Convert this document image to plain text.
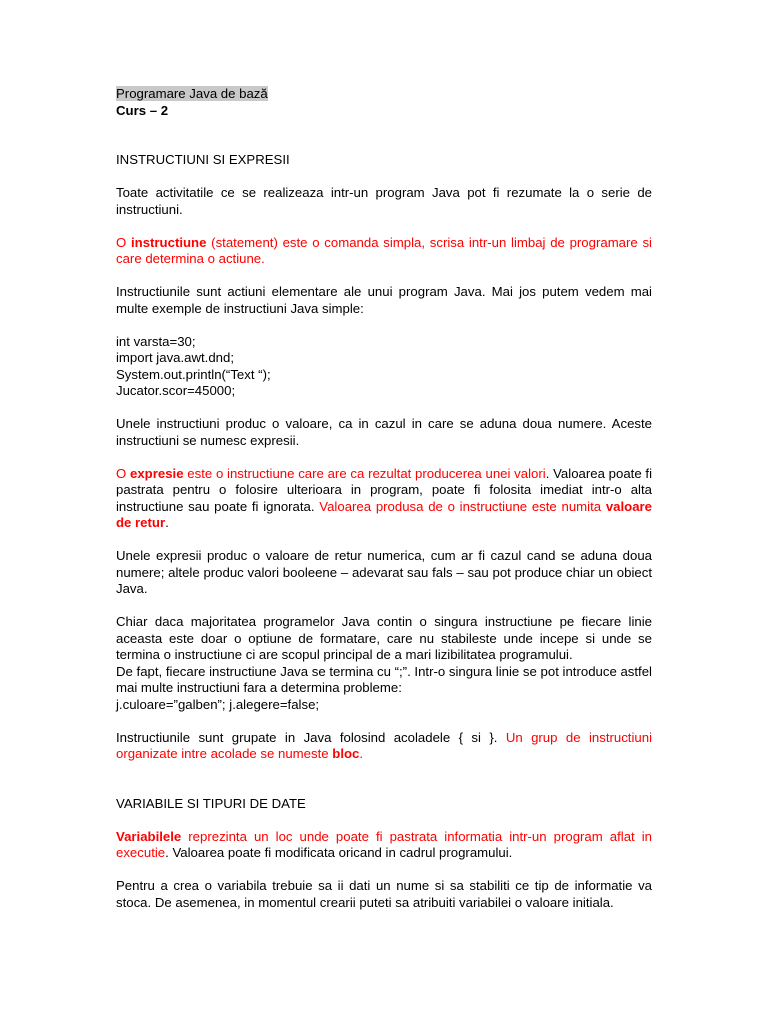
Programare Java de bază

Curs – 2

INSTRUCTIUNI SI EXPRESII

Toate activitatile ce se realizeaza intr-un program Java pot fi rezumate la o serie de instructiuni.

O instructiune (statement) este o comanda simpla, scrisa intr-un limbaj de programare si care determina o actiune.

Instructiunile sunt actiuni elementare ale unui program Java. Mai jos putem vedem mai multe exemple de instructiuni Java simple:

int varsta=30;

import java.awt.dnd;

System.out.println(“Text “);

Jucator.scor=45000;

Unele instructiuni produc o valoare, ca in cazul in care se aduna doua numere. Aceste instructiuni se numesc expresii.

O expresie este o instructiune care are ca rezultat producerea unei valori. Valoarea poate fi pastrata pentru o folosire ulterioara in program, poate fi folosita imediat intr-o alta instructiune sau poate fi ignorata. Valoarea produsa de o instructiune este numita valoare de retur.

Unele expresii produc o valoare de retur numerica, cum ar fi cazul cand se aduna doua numere; altele produc valori booleene – adevarat sau fals – sau pot produce chiar un obiect Java.

Chiar daca majoritatea programelor Java contin o singura instructiune pe fiecare linie aceasta este doar o optiune de formatare, care nu stabileste unde incepe si unde se termina o instructiune ci are scopul principal de a mari lizibilitatea programului.

De fapt, fiecare instructiune Java se termina cu “;”. Intr-o singura linie se pot introduce astfel mai multe instructiuni fara a determina probleme:

j.culoare=”galben”; j.alegere=false;

Instructiunile sunt grupate in Java folosind acoladele { si }. Un grup de instructiuni organizate intre acolade se numeste bloc.

VARIABILE SI TIPURI DE DATE

Variabilele reprezinta un loc unde poate fi pastrata informatia intr-un program aflat in executie. Valoarea poate fi modificata oricand in cadrul programului.

Pentru a crea o variabila trebuie sa ii dati un nume si sa stabiliti ce tip de informatie va stoca. De asemenea, in momentul crearii puteti sa atribuiti variabilei o valoare initiala.
